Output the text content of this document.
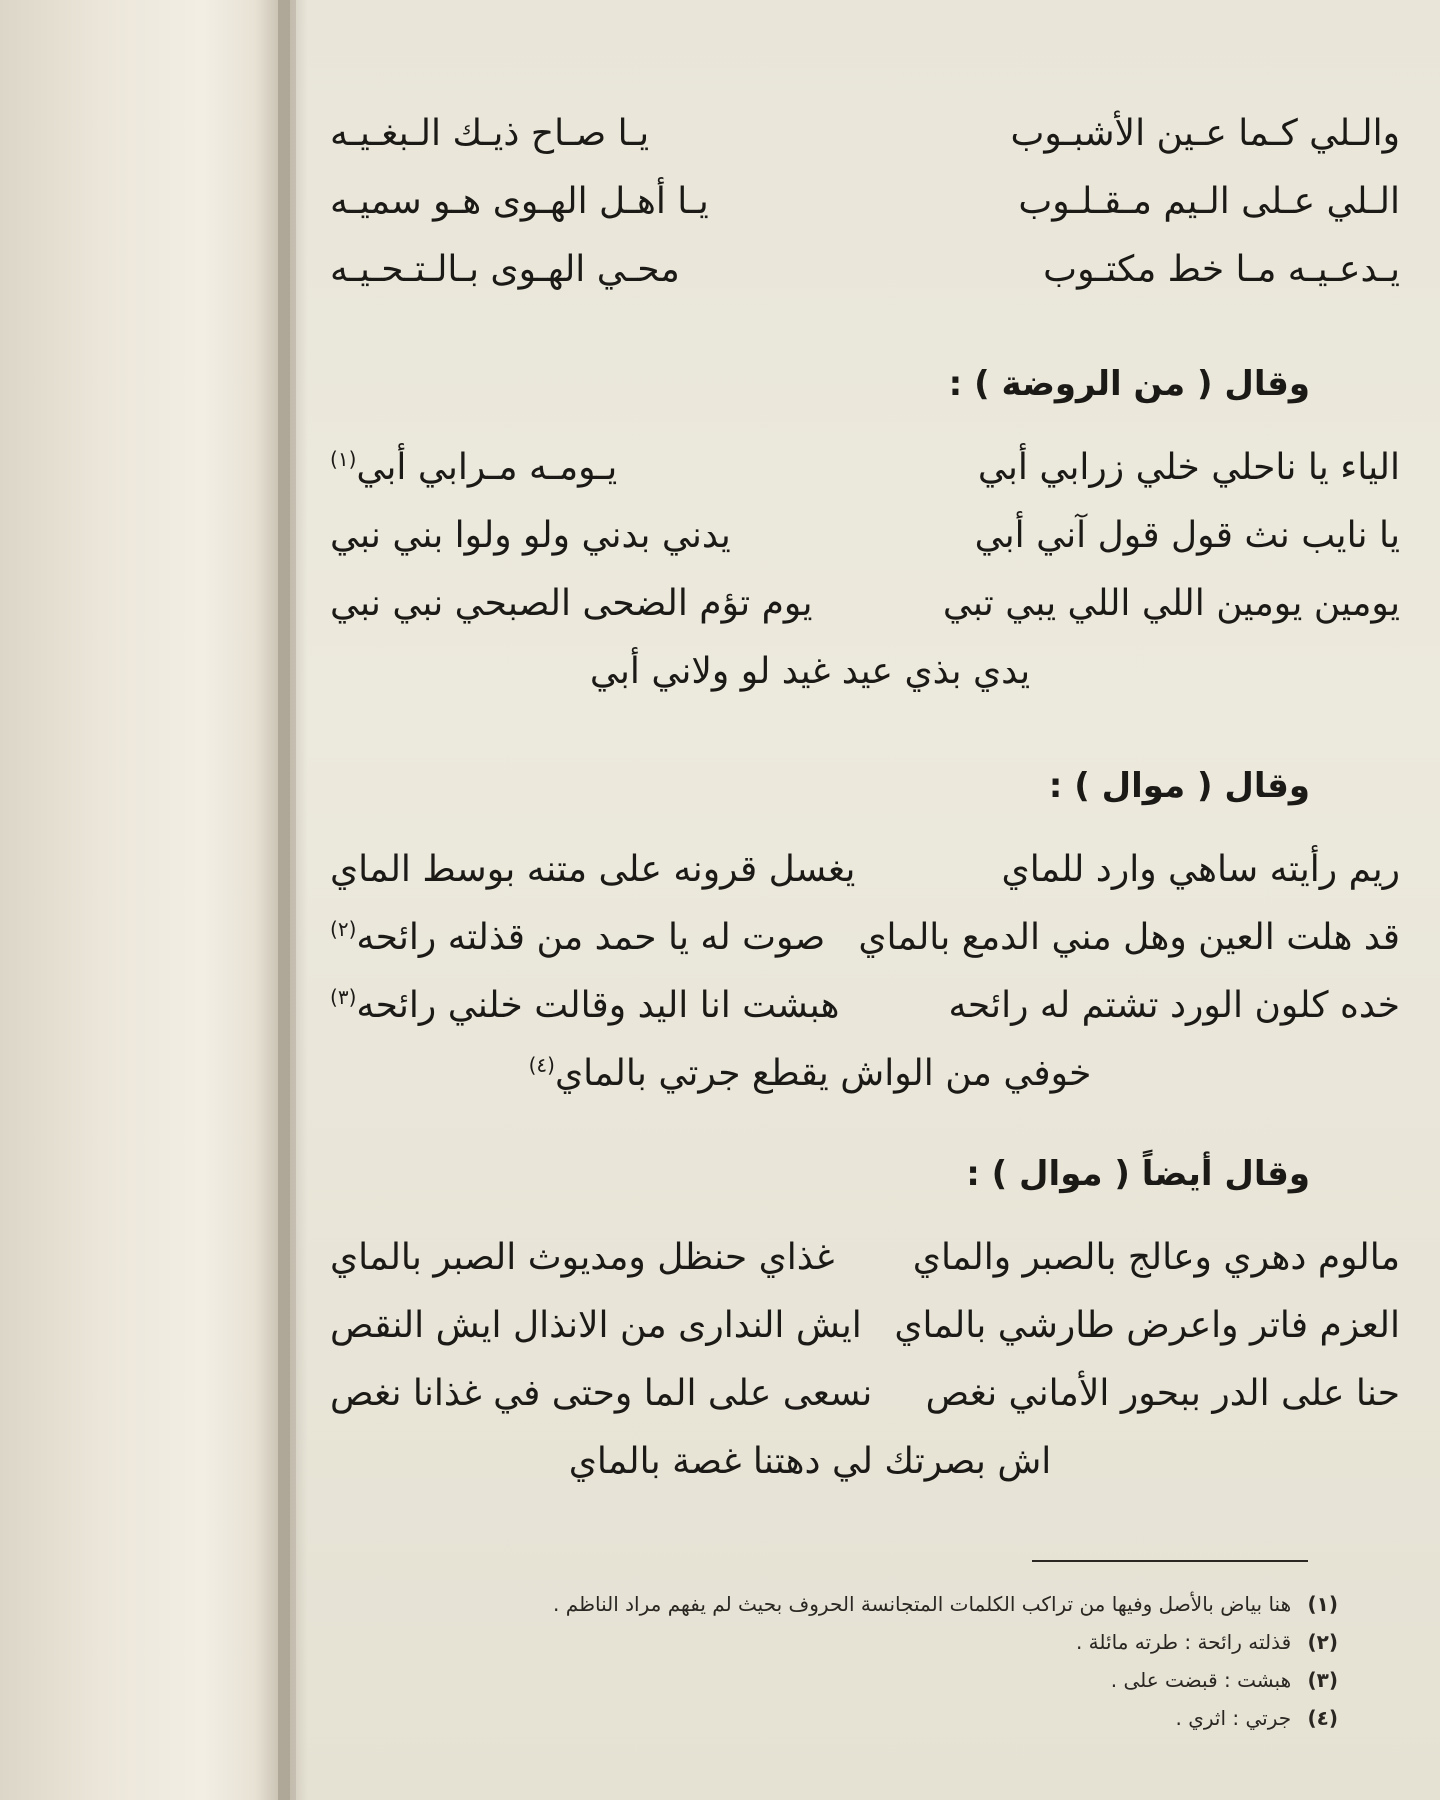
والـلي كـما عـين الأشبـوب
يـا صـاح ذيـك الـبغـيـه
الـلي عـلى الـيم مـقـلـوب
يـا أهـل الهـوى هـو سميـه
يـدعـيـه مـا خط مكتـوب
محـي الهـوى بـالـتـحـيـه
وقال ( من الروضة ) :
الياء يا ناحلي خلي زرابي أبي
يـومـه مـرابي أبي$^{(١)}$
يا نايب نث قول قول آني أبي
يدني بدني ولو ولوا بني نبي
يومين يومين اللي اللي يبي تبي
يوم تؤم الضحى الصبحي نبي نبي
يدي بذي عيد غيد لو ولاني أبي
وقال ( موال ) :
ريم رأيته ساهي وارد للماي
يغسل قرونه على متنه بوسط الماي
قد هلت العين وهل مني الدمع بالماي
صوت له يا حمد من قذلته رائحه$^{(٢)}$
خده كلون الورد تشتم له رائحه
هبشت انا اليد وقالت خلني رائحه$^{(٣)}$
خوفي من الواش يقطع جرتي بالماي$^{(٤)}$
وقال أيضاً ( موال ) :
مالوم دهري وعالج بالصبر والماي
غذاي حنظل ومديوث الصبر بالماي
العزم فاتر واعرض طارشي بالماي
ايش الندارى من الانذال ايش النقص
حنا على الدر ببحور الأماني نغص
نسعى على الما وحتى في غذانا نغص
اش بصرتك لي دهتنا غصة بالماي
(١) هنا بياض بالأصل وفيها من تراكب الكلمات المتجانسة الحروف بحيث لم يفهم مراد الناظم .
(٢) قذلته رائحة : طرته مائلة .
(٣) هبشت : قبضت على .
(٤) جرتي : اثري .
